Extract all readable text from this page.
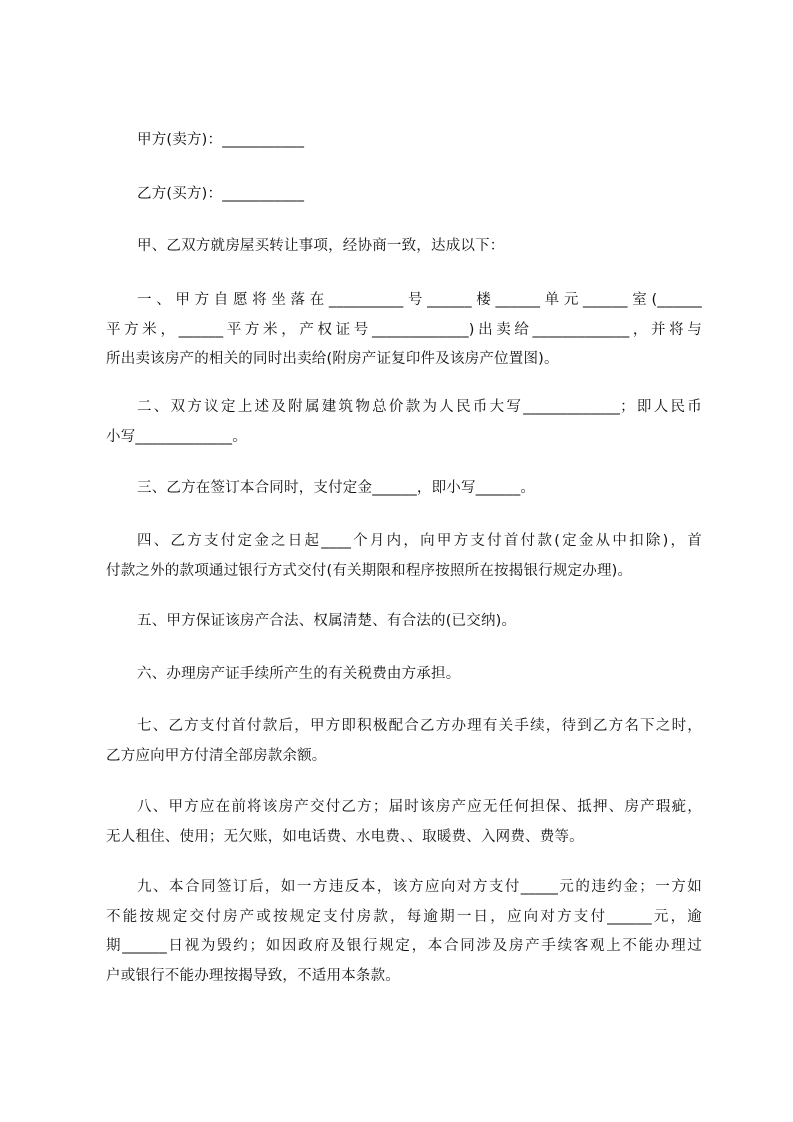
甲方(卖方)：___________
乙方(买方)：___________
甲、乙双方就房屋买转让事项，经协商一致，达成以下：
一、甲方自愿将坐落在__________号______楼______单元______室(______
平方米，______平方米，产权证号_____________)出卖给_____________，并将与
所出卖该房产的相关的同时出卖给(附房产证复印件及该房产位置图)。
二、双方议定上述及附属建筑物总价款为人民币大写_____________；即人民币
小写_____________。
三、乙方在签订本合同时，支付定金______，即小写______。
四、乙方支付定金之日起____个月内，向甲方支付首付款(定金从中扣除)，首
付款之外的款项通过银行方式交付(有关期限和程序按照所在按揭银行规定办理)。
五、甲方保证该房产合法、权属清楚、有合法的(已交纳)。
六、办理房产证手续所产生的有关税费由方承担。
七、乙方支付首付款后，甲方即积极配合乙方办理有关手续，待到乙方名下之时，
乙方应向甲方付清全部房款余额。
八、甲方应在前将该房产交付乙方；届时该房产应无任何担保、抵押、房产瑕疵，
无人租住、使用；无欠账，如电话费、水电费、、取暖费、入网费、费等。
九、本合同签订后，如一方违反本，该方应向对方支付_____元的违约金；一方如
不能按规定交付房产或按规定支付房款，每逾期一日，应向对方支付______元，逾
期______日视为毁约；如因政府及银行规定，本合同涉及房产手续客观上不能办理过
户或银行不能办理按揭导致，不适用本条款。
